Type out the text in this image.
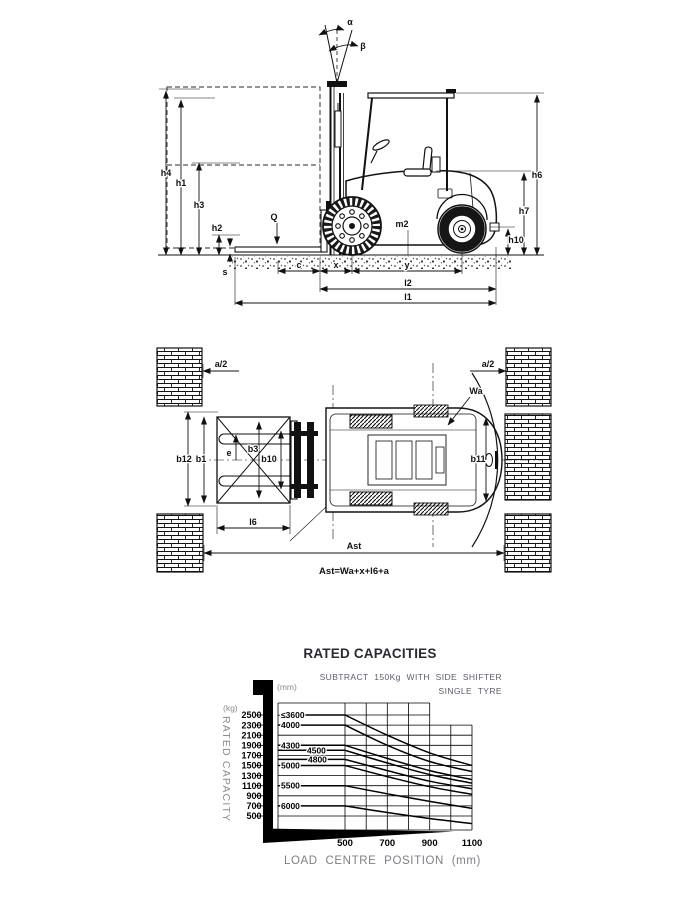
α
β
m2
h4
h1
h3
h2
s
Q
h6
h7
h10
c	x	y
l2
l1
Wa
a/2	a/2
b12 b1
e b3
b10	b11
l6
Ast
Ast=Wa+x+l6+a
RATED CAPACITIES
SUBTRACT 150Kg WITH SIDE SHIFTER
SINGLE TYRE
(mm)
(kg)
RATED CAPACITY
LOAD CENTRE POSITION (mm)
≤3600
4000
4300 4500
4800
5000
5500
6000
2500
2300
2100
1900
1700
1500
1300
1100
900
700
500
500	700	900	1100
